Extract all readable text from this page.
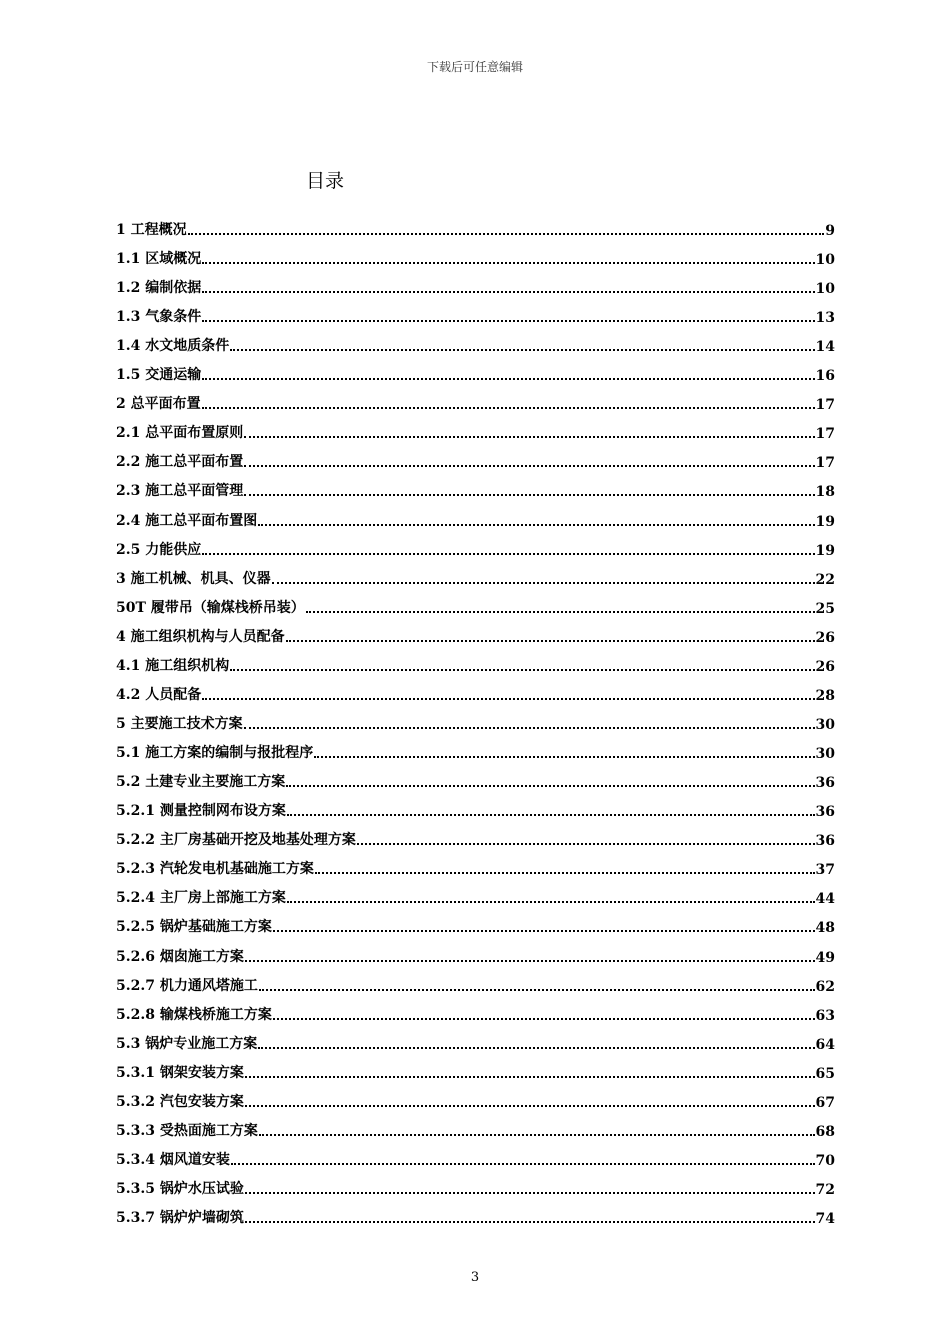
下载后可任意编辑
目录
1 工程概况	9
1.1 区域概况	10
1.2 编制依据	10
1.3 气象条件	13
1.4 水文地质条件	14
1.5 交通运输	16
2 总平面布置	17
2.1 总平面布置原则	17
2.2 施工总平面布置	17
2.3 施工总平面管理	18
2.4 施工总平面布置图	19
2.5 力能供应	19
3 施工机械、机具、仪器	22
50T 履带吊（输煤栈桥吊装）	25
4 施工组织机构与人员配备	26
4.1 施工组织机构	26
4.2 人员配备	28
5 主要施工技术方案	30
5.1 施工方案的编制与报批程序	30
5.2 土建专业主要施工方案	36
5.2.1 测量控制网布设方案	36
5.2.2 主厂房基础开挖及地基处理方案	36
5.2.3 汽轮发电机基础施工方案	37
5.2.4 主厂房上部施工方案	44
5.2.5 锅炉基础施工方案	48
5.2.6 烟囱施工方案	49
5.2.7 机力通风塔施工	62
5.2.8 输煤栈桥施工方案	63
5.3 锅炉专业施工方案	64
5.3.1 钢架安装方案	65
5.3.2 汽包安装方案	67
5.3.3 受热面施工方案	68
5.3.4 烟风道安装	70
5.3.5 锅炉水压试验	72
5.3.7 锅炉炉墙砌筑	74
3
